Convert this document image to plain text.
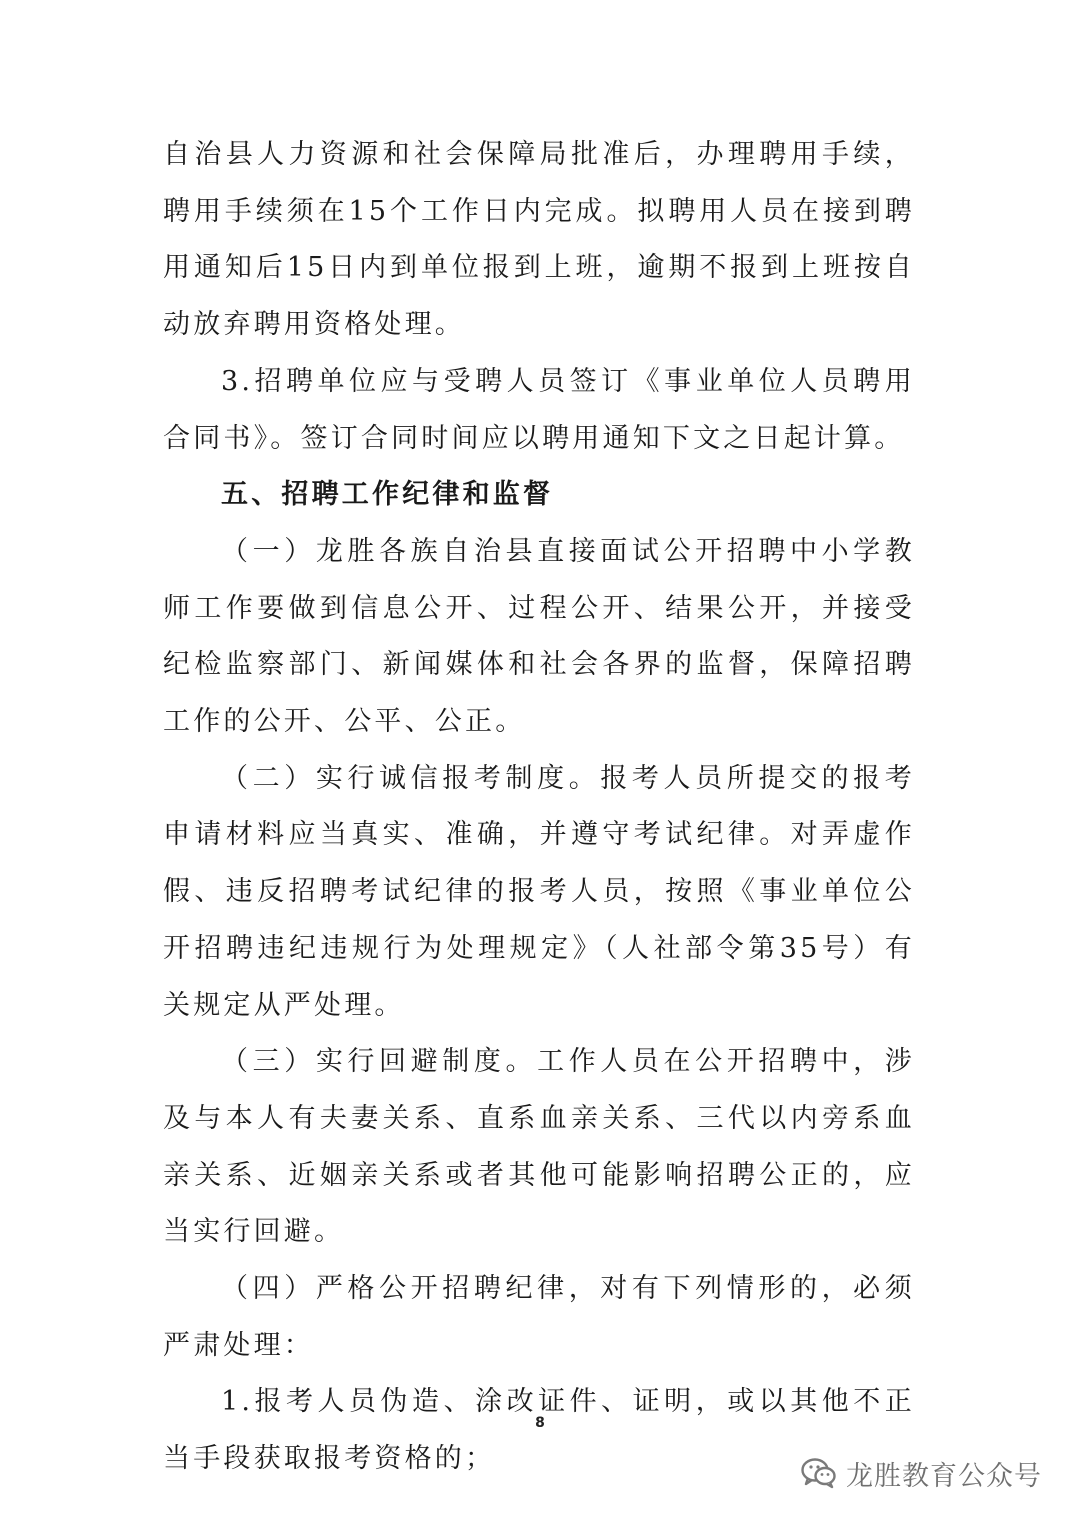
自治县人力资源和社会保障局批准后，办理聘用手续，聘用手续须在15个工作日内完成。拟聘用人员在接到聘用通知后15日内到单位报到上班，逾期不报到上班按自动放弃聘用资格处理。

3.招聘单位应与受聘人员签订《事业单位人员聘用合同书》。签订合同时间应以聘用通知下文之日起计算。

五、招聘工作纪律和监督

（一）龙胜各族自治县直接面试公开招聘中小学教师工作要做到信息公开、过程公开、结果公开，并接受纪检监察部门、新闻媒体和社会各界的监督，保障招聘工作的公开、公平、公正。

（二）实行诚信报考制度。报考人员所提交的报考申请材料应当真实、准确，并遵守考试纪律。对弄虚作假、违反招聘考试纪律的报考人员，按照《事业单位公开招聘违纪违规行为处理规定》（人社部令第35号）有关规定从严处理。

（三）实行回避制度。工作人员在公开招聘中，涉及与本人有夫妻关系、直系血亲关系、三代以内旁系血亲关系、近姻亲关系或者其他可能影响招聘公正的，应当实行回避。

（四）严格公开招聘纪律，对有下列情形的，必须严肃处理：

1.报考人员伪造、涂改证件、证明，或以其他不正当手段获取报考资格的；

8
龙胜教育公众号
